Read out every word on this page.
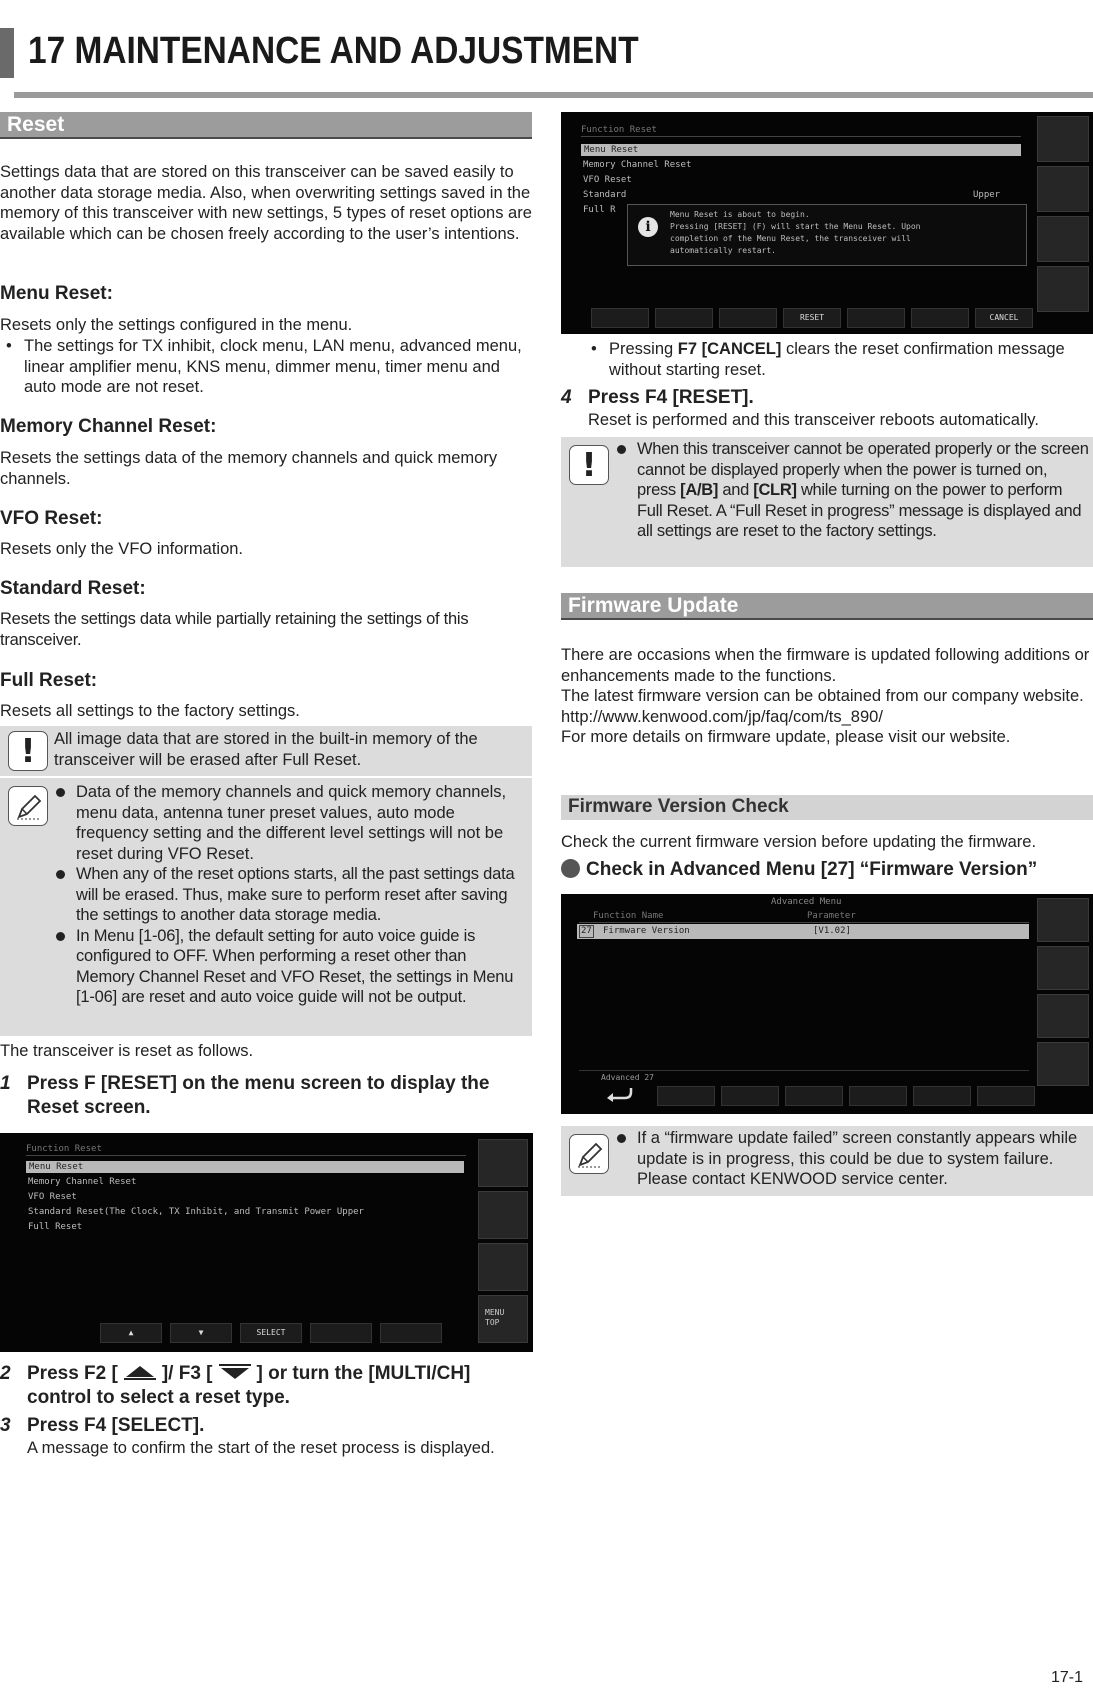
17 MAINTENANCE AND ADJUSTMENT
Reset
Settings data that are stored on this transceiver can be saved easily to another data storage media. Also, when overwriting settings saved in the memory of this transceiver with new settings, 5 types of reset options are available which can be chosen freely according to the user’s intentions.
Menu Reset:
Resets only the settings configured in the menu.
• The settings for TX inhibit, clock menu, LAN menu, advanced menu, linear amplifier menu, KNS menu, dimmer menu, timer menu and auto mode are not reset.
Memory Channel Reset:
Resets the settings data of the memory channels and quick memory channels.
VFO Reset:
Resets only the VFO information.
Standard Reset:
Resets the settings data while partially retaining the settings of this transceiver.
Full Reset:
Resets all settings to the factory settings.
!
All image data that are stored in the built-in memory of the transceiver will be erased after Full Reset.
Data of the memory channels and quick memory channels, menu data, antenna tuner preset values, auto mode frequency setting and the different level settings will not be reset during VFO Reset.
When any of the reset options starts, all the past settings data will be erased. Thus, make sure to perform reset after saving the settings to another data storage media.
In Menu [1-06], the default setting for auto voice guide is configured to OFF. When performing a reset other than Memory Channel Reset and VFO Reset, the settings in Menu [1-06] are reset and auto voice guide will not be output.
The transceiver is reset as follows.
1 Press F [RESET] on the menu screen to display the Reset screen.
Function Reset
Menu Reset
Memory Channel Reset
VFO Reset
Standard Reset(The Clock, TX Inhibit, and Transmit Power Upper
Full Reset
MENU TOP
▲	▼	SELECT
2 Press F2 [ ]/ F3 [ ] or turn the [MULTI/CH] control to select a reset type.
3 Press F4 [SELECT].
A message to confirm the start of the reset process is displayed.
Function Reset
Menu Reset
Memory Channel Reset
VFO Reset
Standard
Full R
Upper
i
Menu Reset is about to begin.
Pressing [RESET] (F) will start the Menu Reset. Upon
completion of the Menu Reset, the transceiver will
automatically restart.
RESET	CANCEL
• Pressing F7 [CANCEL] clears the reset confirmation message without starting reset.
4 Press F4 [RESET].
Reset is performed and this transceiver reboots automatically.
!
When this transceiver cannot be operated properly or the screen cannot be displayed properly when the power is turned on, press [A/B] and [CLR] while turning on the power to perform Full Reset. A “Full Reset in progress” message is displayed and all settings are reset to the factory settings.
Firmware Update
There are occasions when the firmware is updated following additions or enhancements made to the functions.
The latest firmware version can be obtained from our company website.
http://www.kenwood.com/jp/faq/com/ts_890/
For more details on firmware update, please visit our website.
Firmware Version Check
Check the current firmware version before updating the firmware.
Check in Advanced Menu [27] “Firmware Version”
Advanced Menu
Function Name	Parameter
27 Firmware Version	[V1.02]
Advanced 27
If a “firmware update failed” screen constantly appears while update is in progress, this could be due to system failure. Please contact KENWOOD service center.
17-1
